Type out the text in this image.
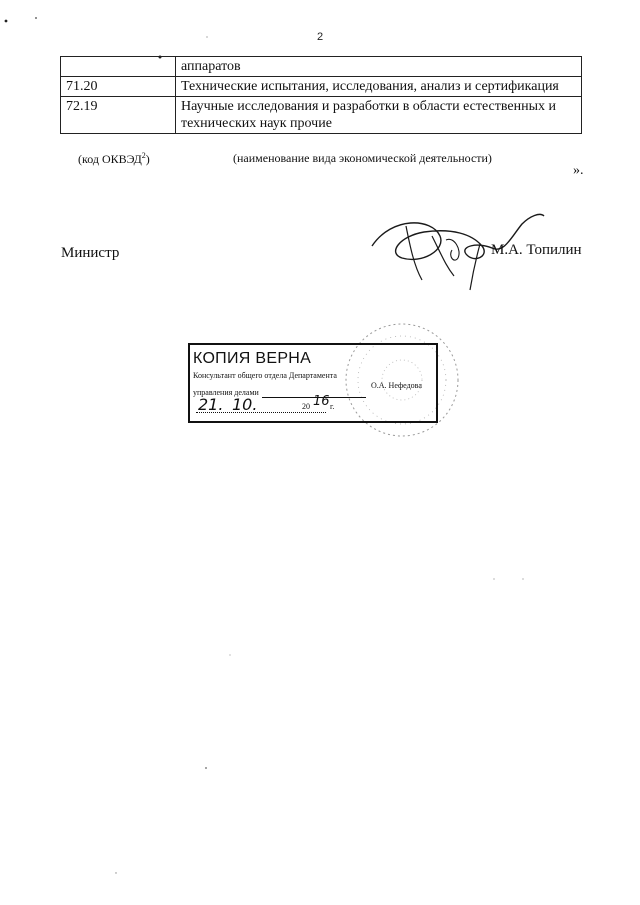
2
	аппаратов
71.20	Технические испытания, исследования, анализ и сертификация
72.19	Научные исследования и разработки в области естественных и технических наук прочие
(код ОКВЭД$^2$)	(наименование вида экономической деятельности)
».
Министр	М.А. Топилин
КОПИЯ ВЕРНА
Консультант общего отдела Департамента
управления делами
О.А. Нефедова
21. 10.	20 16 г.
